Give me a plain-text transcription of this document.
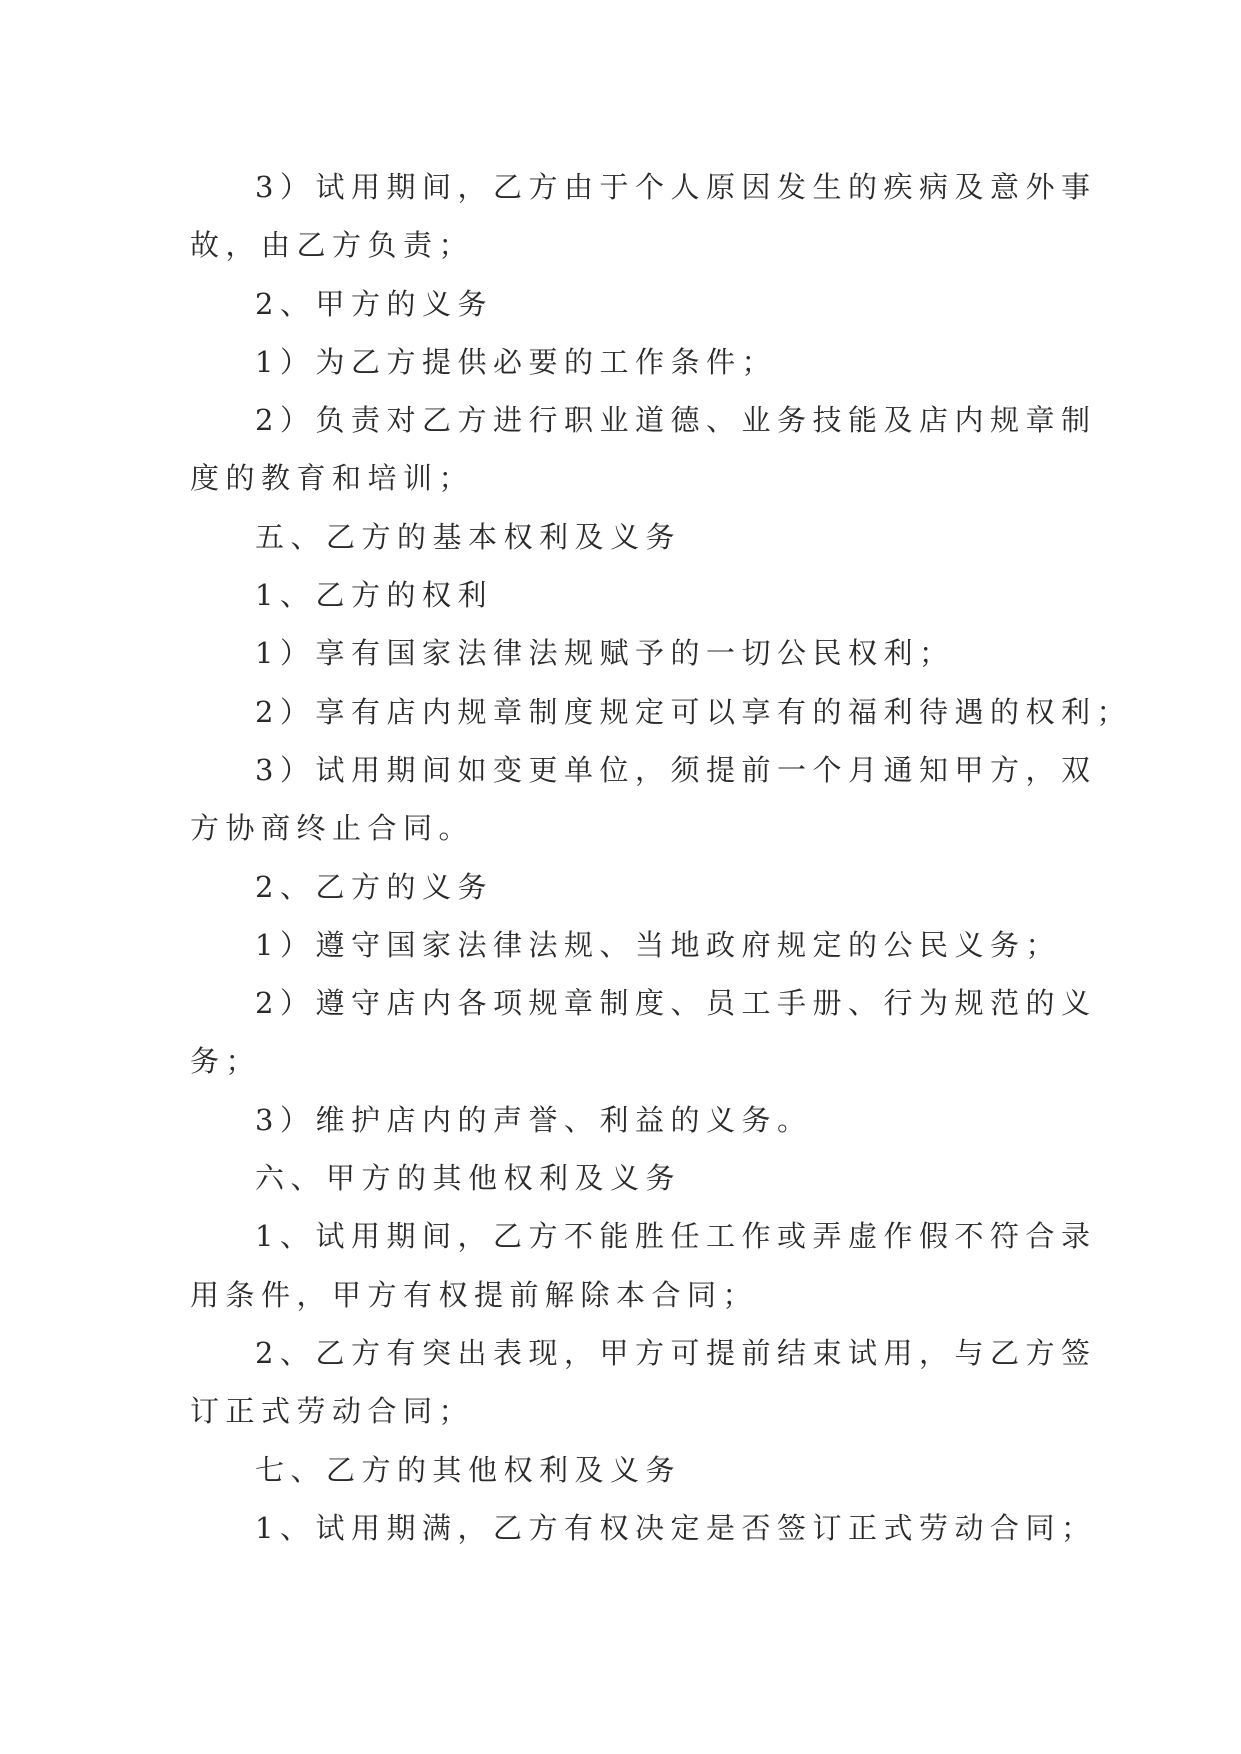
3）试用期间，乙方由于个人原因发生的疾病及意外事
故，由乙方负责；
2、甲方的义务
1）为乙方提供必要的工作条件；
2）负责对乙方进行职业道德、业务技能及店内规章制
度的教育和培训；
五、乙方的基本权利及义务
1、乙方的权利
1）享有国家法律法规赋予的一切公民权利；
2）享有店内规章制度规定可以享有的福利待遇的权利；
3）试用期间如变更单位，须提前一个月通知甲方，双
方协商终止合同。
2、乙方的义务
1）遵守国家法律法规、当地政府规定的公民义务；
2）遵守店内各项规章制度、员工手册、行为规范的义
务；
3）维护店内的声誉、利益的义务。
六、甲方的其他权利及义务
1、试用期间，乙方不能胜任工作或弄虚作假不符合录
用条件，甲方有权提前解除本合同；
2、乙方有突出表现，甲方可提前结束试用，与乙方签
订正式劳动合同；
七、乙方的其他权利及义务
1、试用期满，乙方有权决定是否签订正式劳动合同；
